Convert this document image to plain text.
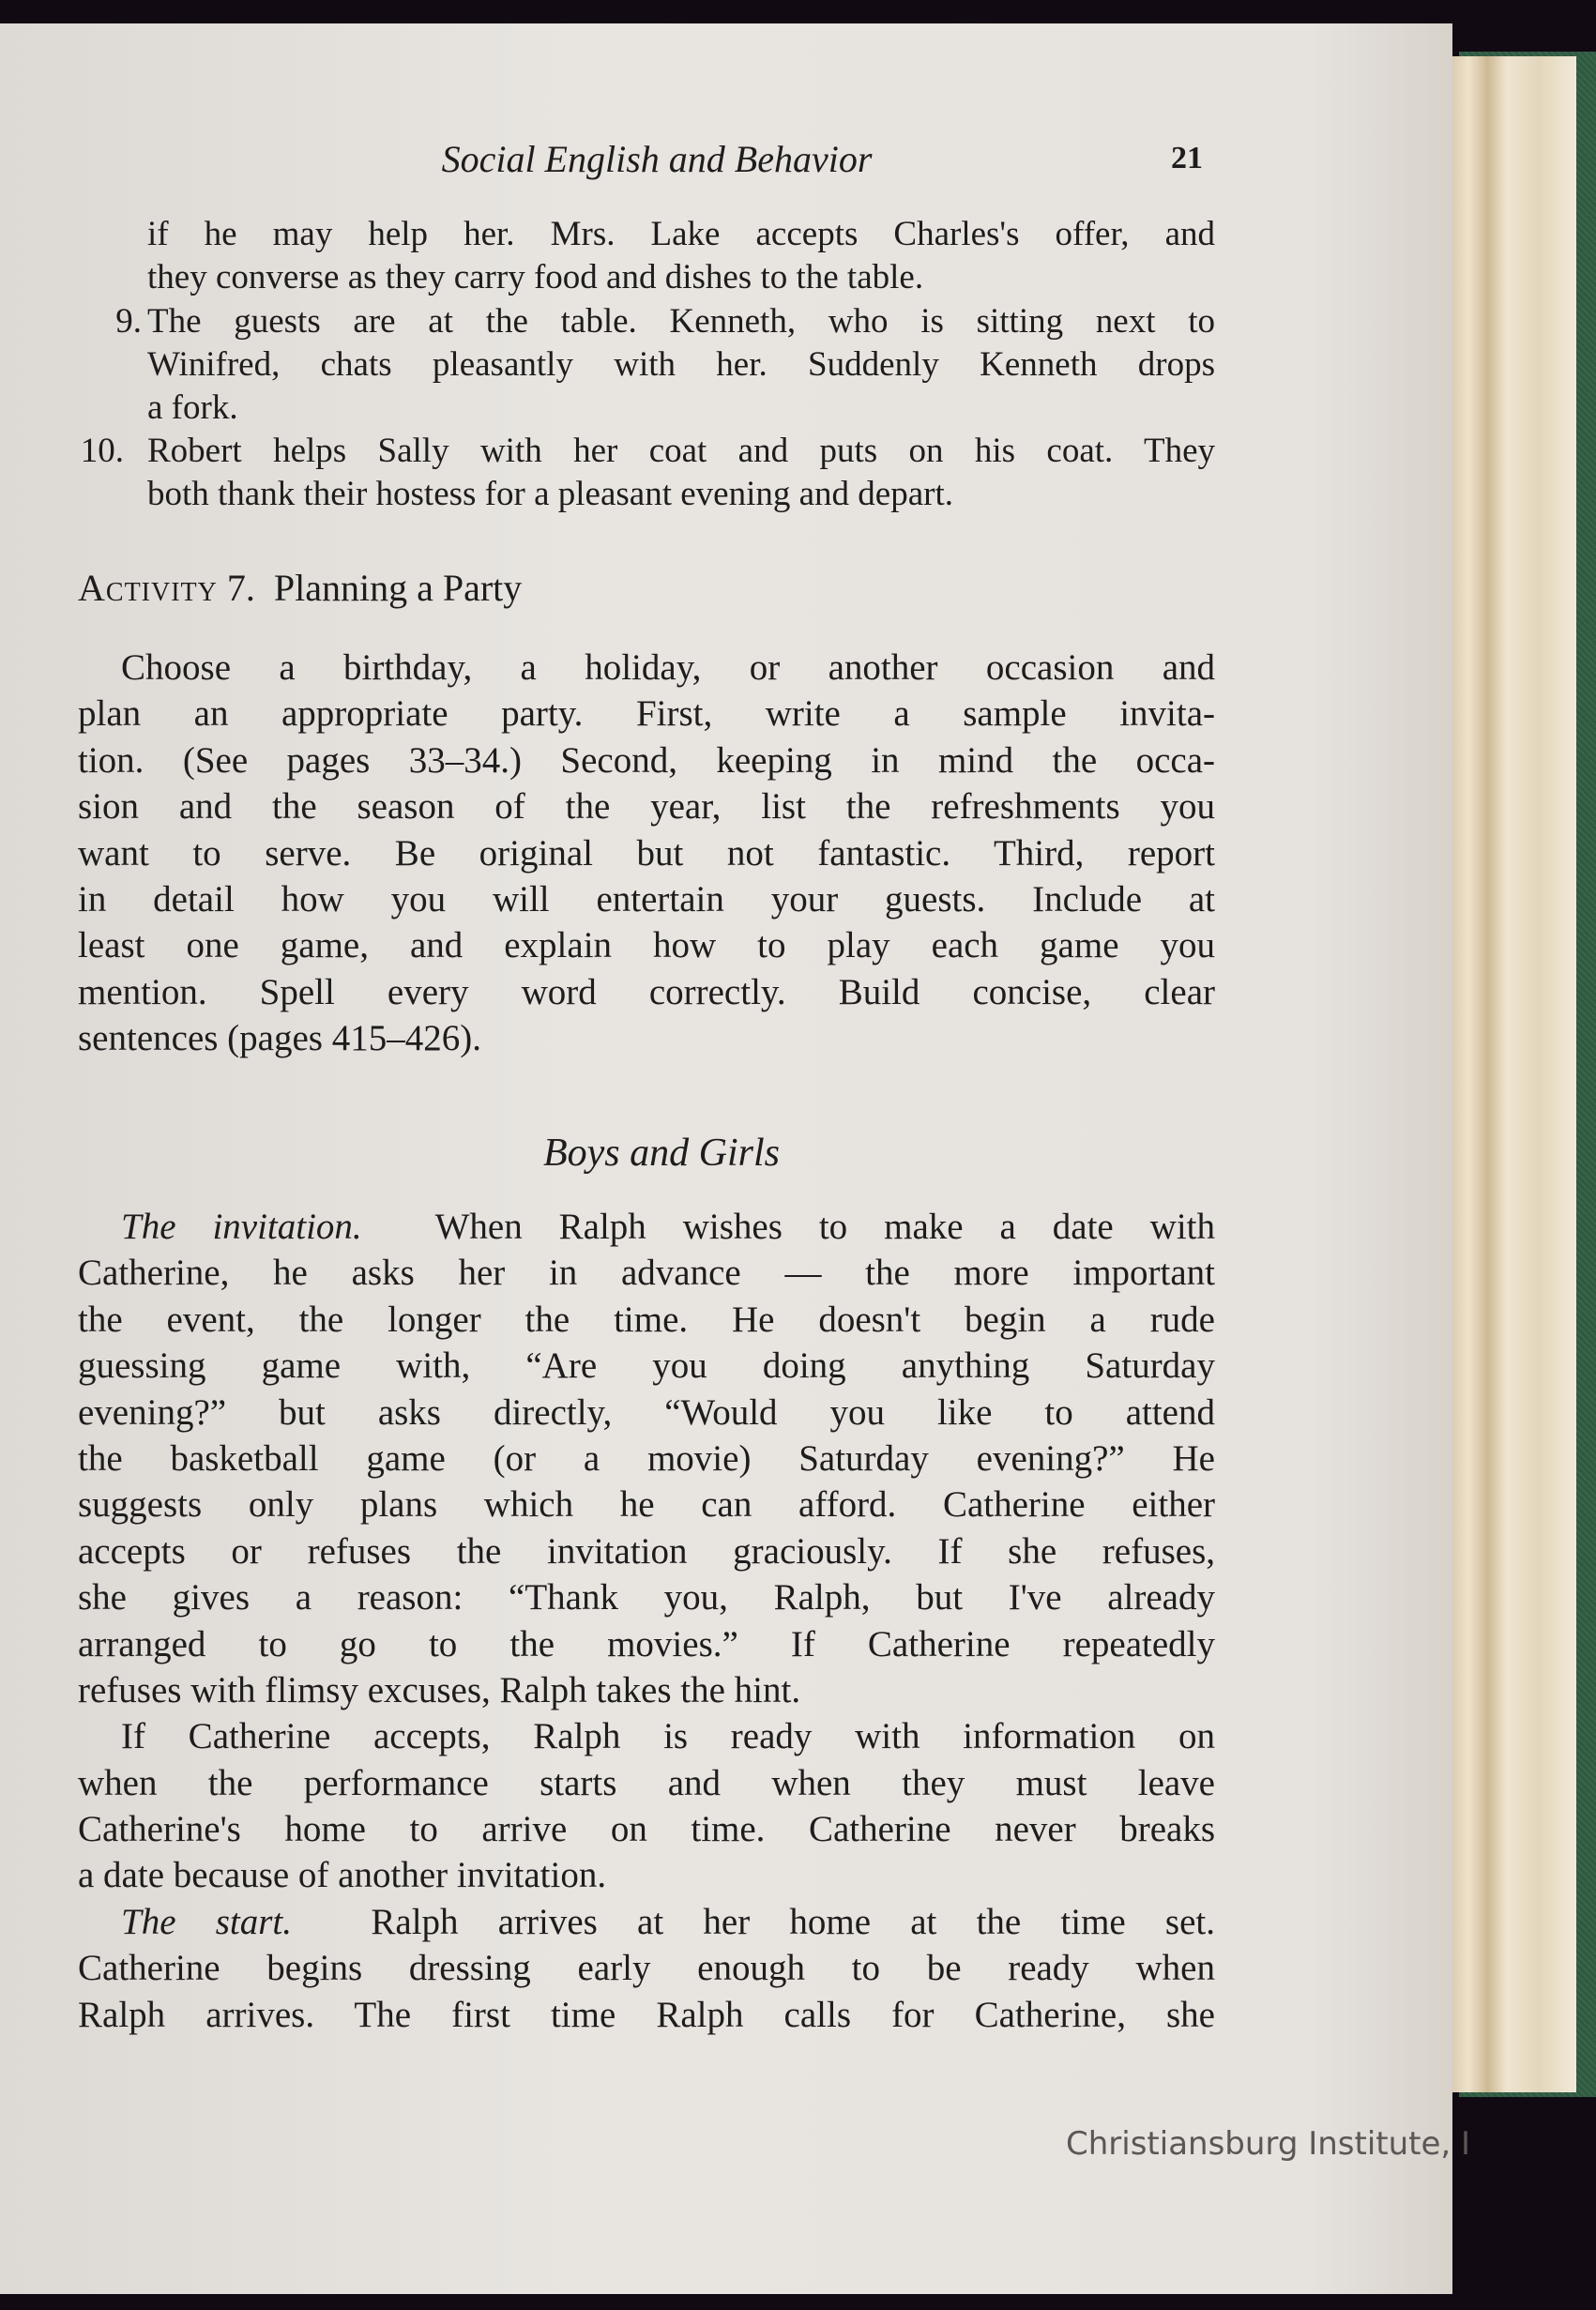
Social English and Behavior	21
if he may help her. Mrs. Lake accepts Charles's offer, and
they converse as they carry food and dishes to the table.
9. The guests are at the table. Kenneth, who is sitting next to
Winifred, chats pleasantly with her. Suddenly Kenneth drops
a fork.
10. Robert helps Sally with her coat and puts on his coat. They
both thank their hostess for a pleasant evening and depart.
Activity 7. Planning a Party
Choose a birthday, a holiday, or another occasion and
plan an appropriate party. First, write a sample invita-
tion. (See pages 33–34.) Second, keeping in mind the occa-
sion and the season of the year, list the refreshments you
want to serve. Be original but not fantastic. Third, report
in detail how you will entertain your guests. Include at
least one game, and explain how to play each game you
mention. Spell every word correctly. Build concise, clear
sentences (pages 415–426).
Boys and Girls
The invitation. When Ralph wishes to make a date with
Catherine, he asks her in advance — the more important
the event, the longer the time. He doesn't begin a rude
guessing game with, “Are you doing anything Saturday
evening?” but asks directly, “Would you like to attend
the basketball game (or a movie) Saturday evening?” He
suggests only plans which he can afford. Catherine either
accepts or refuses the invitation graciously. If she refuses,
she gives a reason: “Thank you, Ralph, but I've already
arranged to go to the movies.” If Catherine repeatedly
refuses with flimsy excuses, Ralph takes the hint.
If Catherine accepts, Ralph is ready with information on
when the performance starts and when they must leave
Catherine's home to arrive on time. Catherine never breaks
a date because of another invitation.
The start. Ralph arrives at her home at the time set.
Catherine begins dressing early enough to be ready when
Ralph arrives. The first time Ralph calls for Catherine, she
Christiansburg Institute, I
